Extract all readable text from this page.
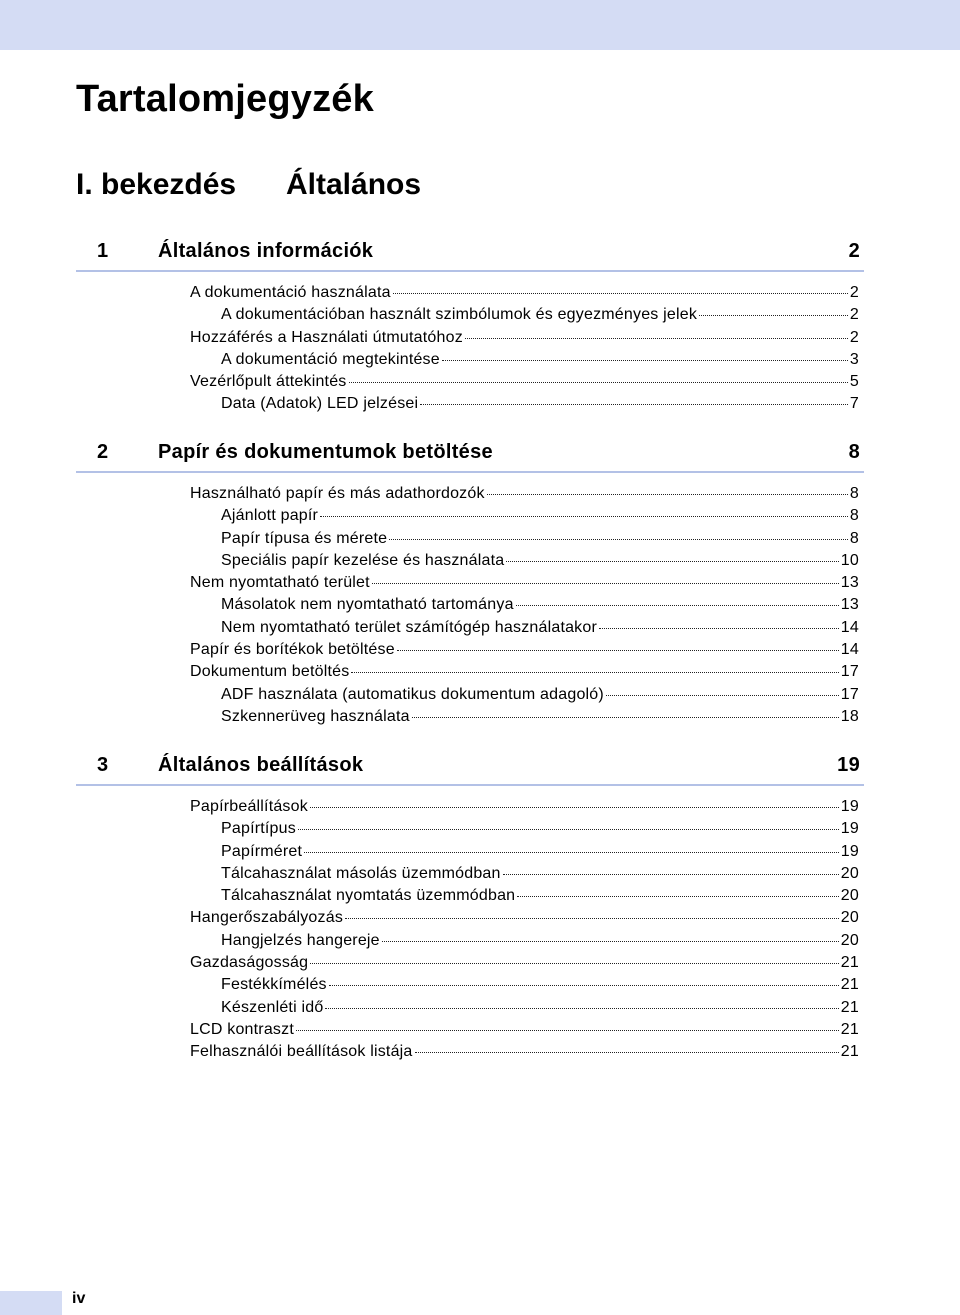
Tartalomjegyzék
I. bekezdés	Általános
1 Általános információk	2
A dokumentáció használata	2
A dokumentációban használt szimbólumok és egyezményes jelek	2
Hozzáférés a Használati útmutatóhoz	2
A dokumentáció megtekintése	3
Vezérlőpult áttekintés	5
Data (Adatok) LED jelzései	7
2 Papír és dokumentumok betöltése	8
Használható papír és más adathordozók	8
Ajánlott papír	8
Papír típusa és mérete	8
Speciális papír kezelése és használata	10
Nem nyomtatható terület	13
Másolatok nem nyomtatható tartománya	13
Nem nyomtatható terület számítógép használatakor	14
Papír és borítékok betöltése	14
Dokumentum betöltés	17
ADF használata (automatikus dokumentum adagoló)	17
Szkennerüveg használata	18
3 Általános beállítások	19
Papírbeállítások	19
Papírtípus	19
Papírméret	19
Tálcahasználat másolás üzemmódban	20
Tálcahasználat nyomtatás üzemmódban	20
Hangerőszabályozás	20
Hangjelzés hangereje	20
Gazdaságosság	21
Festékkímélés	21
Készenléti idő	21
LCD kontraszt	21
Felhasználói beállítások listája	21
iv
